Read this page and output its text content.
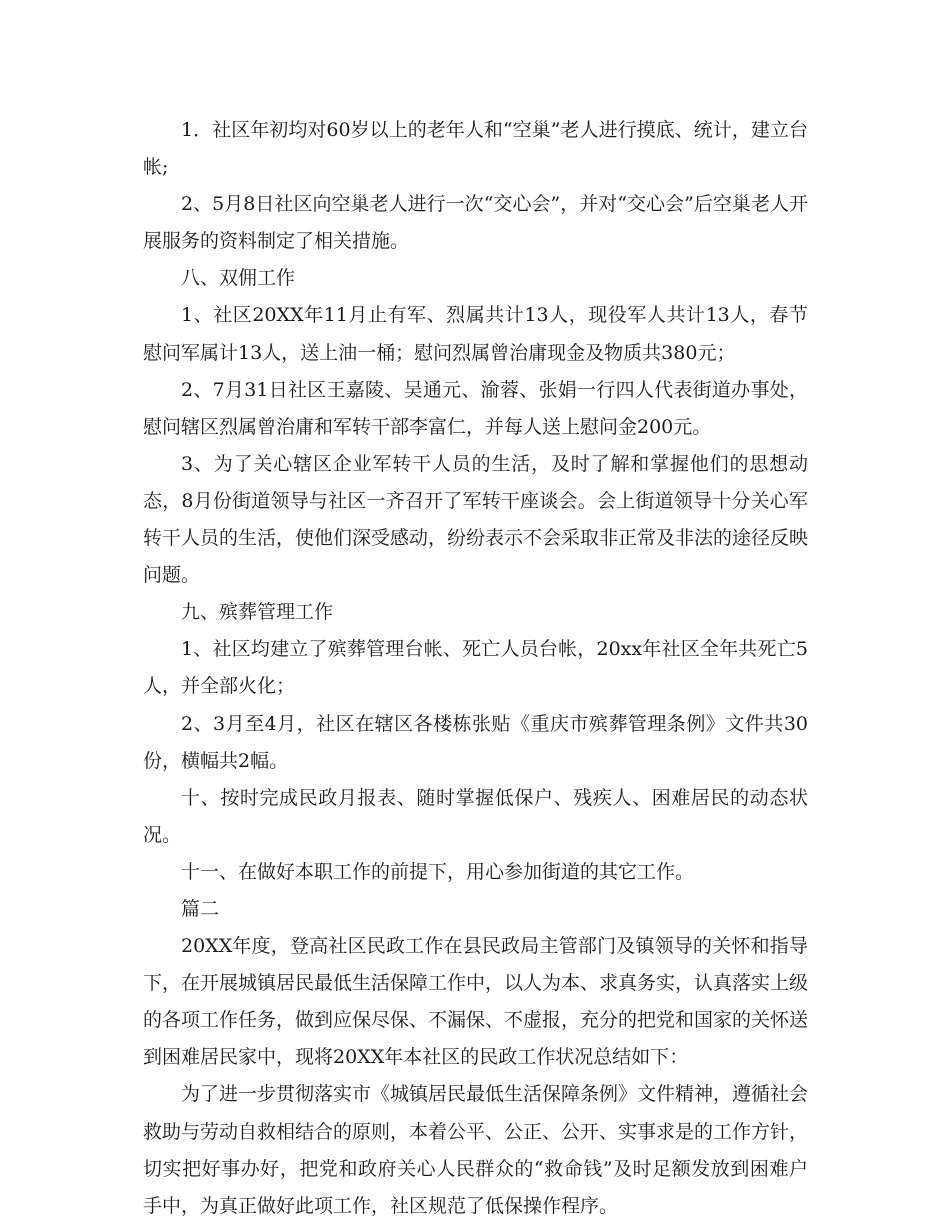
1．社区年初均对60岁以上的老年人和“空巢”老人进行摸底、统计，建立台帐;

2、5月8日社区向空巢老人进行一次“交心会”，并对“交心会”后空巢老人开展服务的资料制定了相关措施。

八、双佣工作

1、社区20XX年11月止有军、烈属共计13人，现役军人共计13人，春节慰问军属计13人，送上油一桶；慰问烈属曾治庸现金及物质共380元；

2、7月31日社区王嘉陵、吴通元、渝蓉、张娟一行四人代表街道办事处，慰问辖区烈属曾治庸和军转干部李富仁，并每人送上慰问金200元。

3、为了关心辖区企业军转干人员的生活，及时了解和掌握他们的思想动态，8月份街道领导与社区一齐召开了军转干座谈会。会上街道领导十分关心军转干人员的生活，使他们深受感动，纷纷表示不会采取非正常及非法的途径反映问题。

九、殡葬管理工作

1、社区均建立了殡葬管理台帐、死亡人员台帐，20xx年社区全年共死亡5人，并全部火化；

2、3月至4月，社区在辖区各楼栋张贴《重庆市殡葬管理条例》文件共30份，横幅共2幅。

十、按时完成民政月报表、随时掌握低保户、残疾人、困难居民的动态状况。

十一、在做好本职工作的前提下，用心参加街道的其它工作。

篇二

20XX年度，登高社区民政工作在县民政局主管部门及镇领导的关怀和指导下，在开展城镇居民最低生活保障工作中，以人为本、求真务实，认真落实上级的各项工作任务，做到应保尽保、不漏保、不虚报，充分的把党和国家的关怀送到困难居民家中，现将20XX年本社区的民政工作状况总结如下：

为了进一步贯彻落实市《城镇居民最低生活保障条例》文件精神，遵循社会救助与劳动自救相结合的原则，本着公平、公正、公开、实事求是的工作方针，切实把好事办好，把党和政府关心人民群众的“救命钱”及时足额发放到困难户手中，为真正做好此项工作，社区规范了低保操作程序。
